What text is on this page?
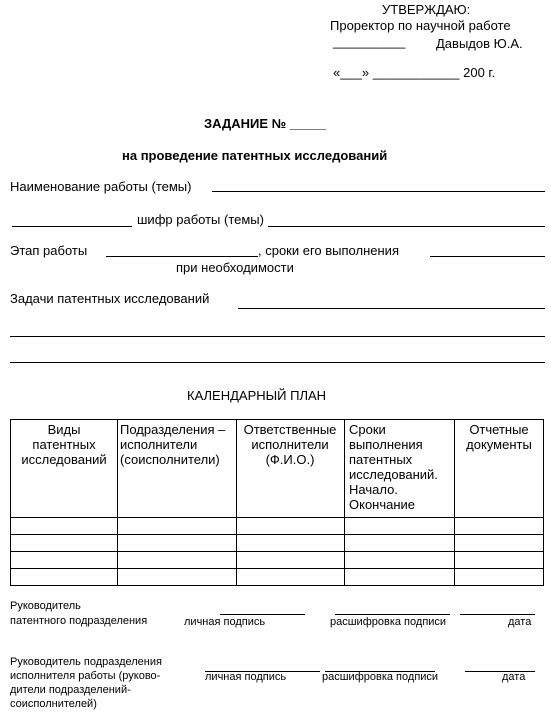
УТВЕРЖДАЮ:
Проректор по научной работе
__________ Давыдов Ю.А.
«___» ____________ 200 г.
ЗАДАНИЕ № _____
на проведение патентных исследований
Наименование работы (темы)
шифр работы (темы)
Этап работы	, сроки его выполнения
при необходимости
Задачи патентных исследований
КАЛЕНДАРНЫЙ ПЛАН
Виды патентных исследований	Подразделения – исполнители (соисполнители)	Ответственные исполнители (Ф.И.О.)	Сроки выполнения патентных исследований. Начало. Окончание	Отчетные документы

Руководитель
патентного подразделения	личная подпись	расшифровка подписи	дата
Руководитель подразделения
исполнителя работы (руково-
дители подразделений-
соисполнителей)
личная подпись	расшифровка подписи	дата
